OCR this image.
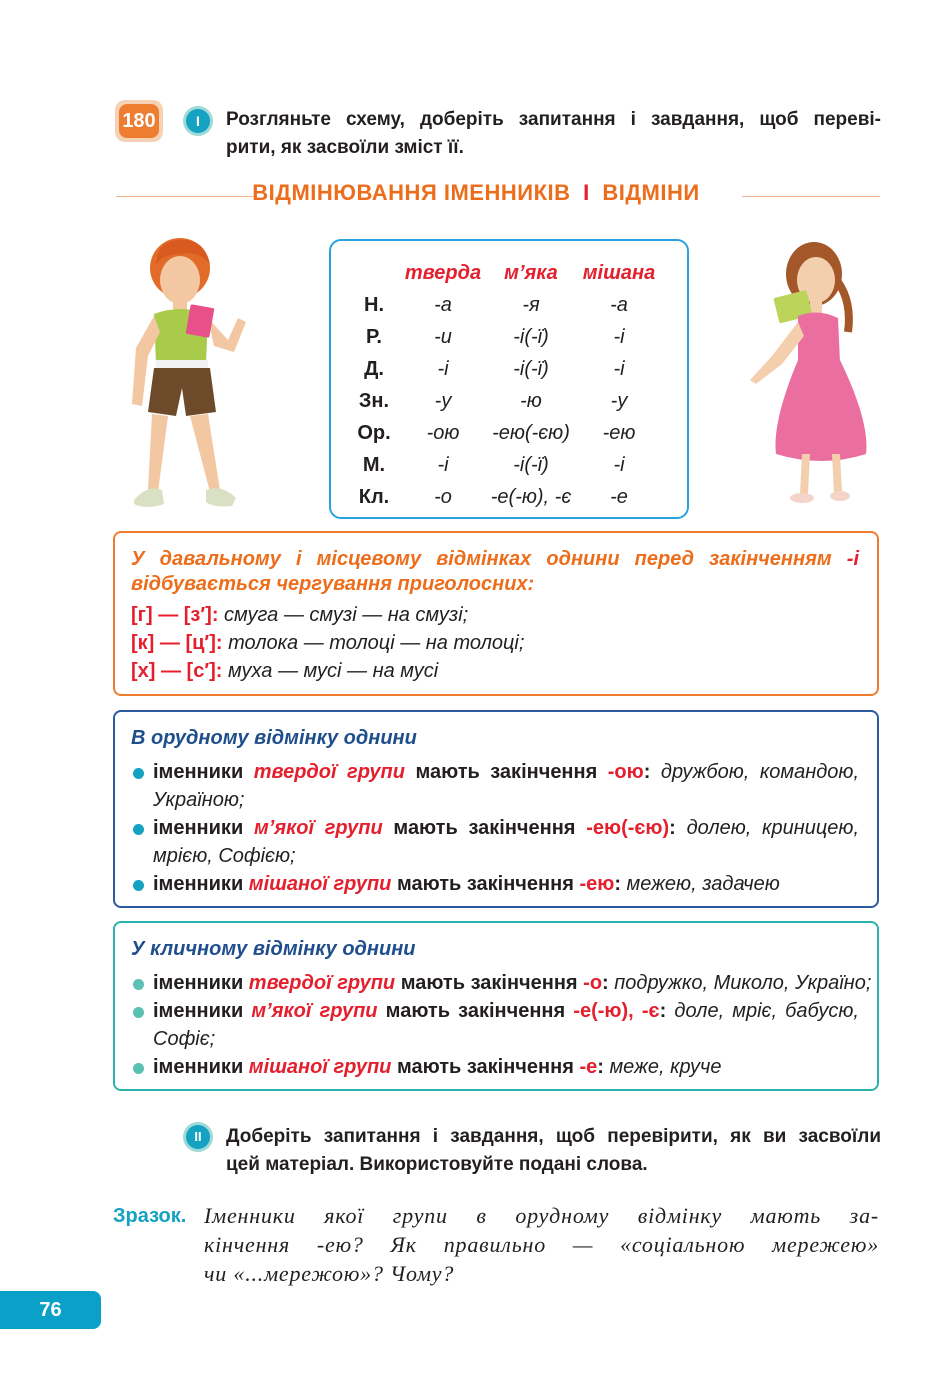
180	I	Розгляньте схему, доберіть запитання і завдання, щоб переві-
рити, як засвоїли зміст її.
ВІДМІНЮВАННЯ ІМЕННИКІВ І ВІДМІНИ
	тверда	м’яка	мішана
Н.	-а	-я	-а
Р.	-и	-і(-ї)	-і
Д.	-і	-і(-ї)	-і
Зн.	-у	-ю	-у
Ор.	-ою	-ею(-єю)	-ею
М.	-і	-і(-ї)	-і
Кл.	-о	-е(-ю), -є	-е
У давальному і місцевому відмінках однини перед закінченням -і
відбувається чергування приголосних:
[г] — [з′]: смуга — смузі — на смузі;
[к] — [ц′]: толока — толоці — на толоці;
[х] — [с′]: муха — мусі — на мусі
В орудному відмінку однини
іменники твердої групи мають закінчення -ою: дружбою, командою,
Україною;
іменники м’якої групи мають закінчення -ею(-єю): долею, криницею,
мрією, Софією;
іменники мішаної групи мають закінчення -ею: межею, задачею
У кличному відмінку однини
іменники твердої групи мають закінчення -о: подружко, Миколо, Україно;
іменники м’якої групи мають закінчення -е(-ю), -є: доле, мріє, бабусю,
Софіє;
іменники мішаної групи мають закінчення -е: меже, круче
II	Доберіть запитання і завдання, щоб перевірити, як ви засвоїли
цей матеріал. Використовуйте подані слова.
Зразок. Іменники якої групи в орудному відмінку мають за-
кінчення -ею? Як правильно — «соціальною мережею»
чи «...мережою»? Чому?
76
